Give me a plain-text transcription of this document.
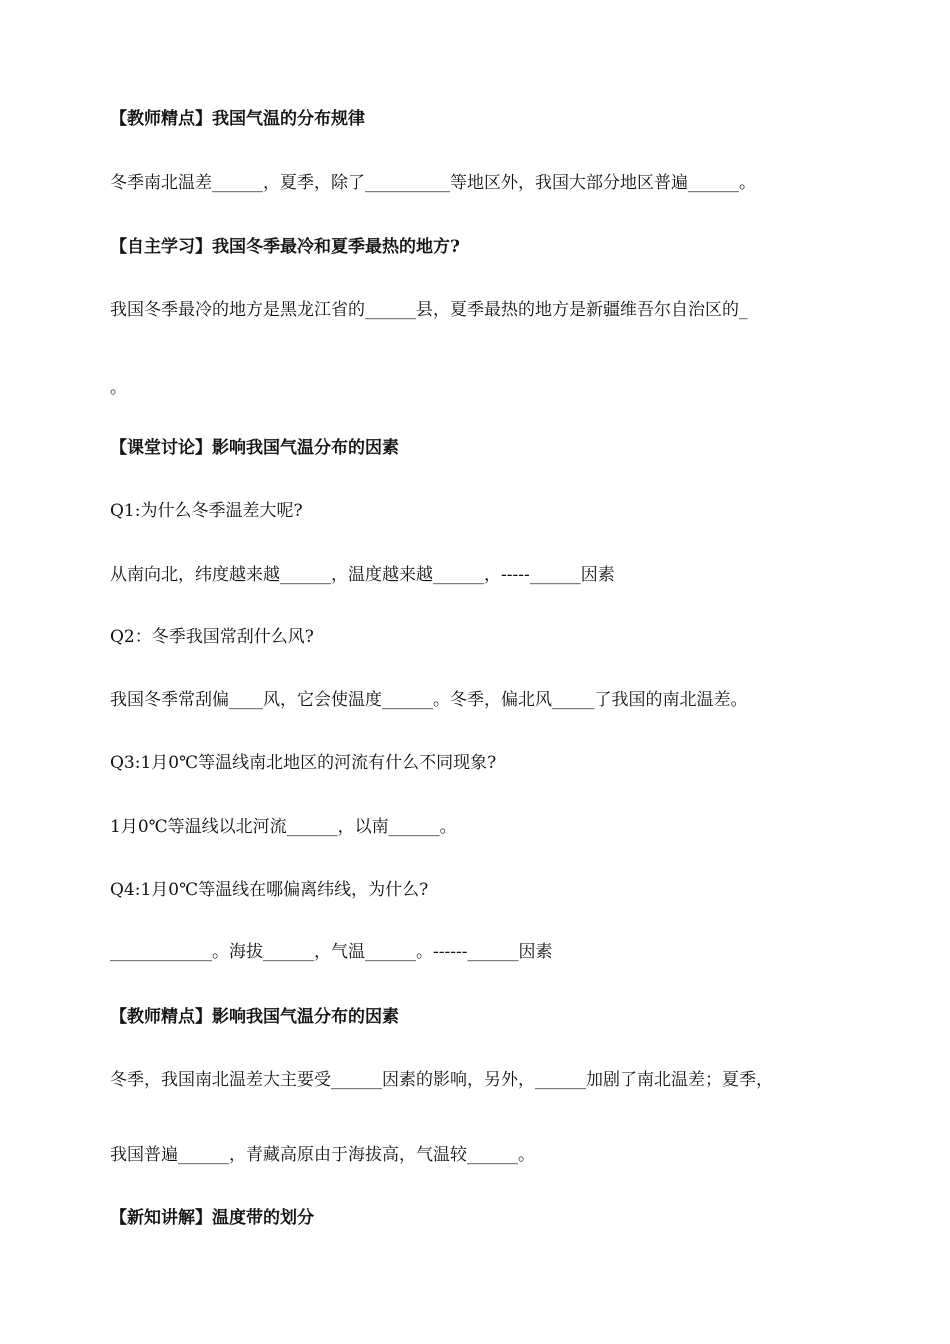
【教师精点】我国气温的分布规律
冬季南北温差______，夏季，除了__________等地区外，我国大部分地区普遍______。
【自主学习】我国冬季最冷和夏季最热的地方?
我国冬季最冷的地方是黑龙江省的______县，夏季最热的地方是新疆维吾尔自治区的_
。
【课堂讨论】影响我国气温分布的因素
Q1:为什么冬季温差大呢?
从南向北，纬度越来越______，温度越来越______，-----______因素
Q2：冬季我国常刮什么风?
我国冬季常刮偏____风，它会使温度______。冬季，偏北风_____了我国的南北温差。
Q3:1月0℃等温线南北地区的河流有什么不同现象?
1月0℃等温线以北河流______，以南______。
Q4:1月0℃等温线在哪偏离纬线，为什么?
____________。海拔______，气温______。------______因素
【教师精点】影响我国气温分布的因素
冬季，我国南北温差大主要受______因素的影响，另外，______加剧了南北温差；夏季，
我国普遍______，青藏高原由于海拔高，气温较______。
【新知讲解】温度带的划分
